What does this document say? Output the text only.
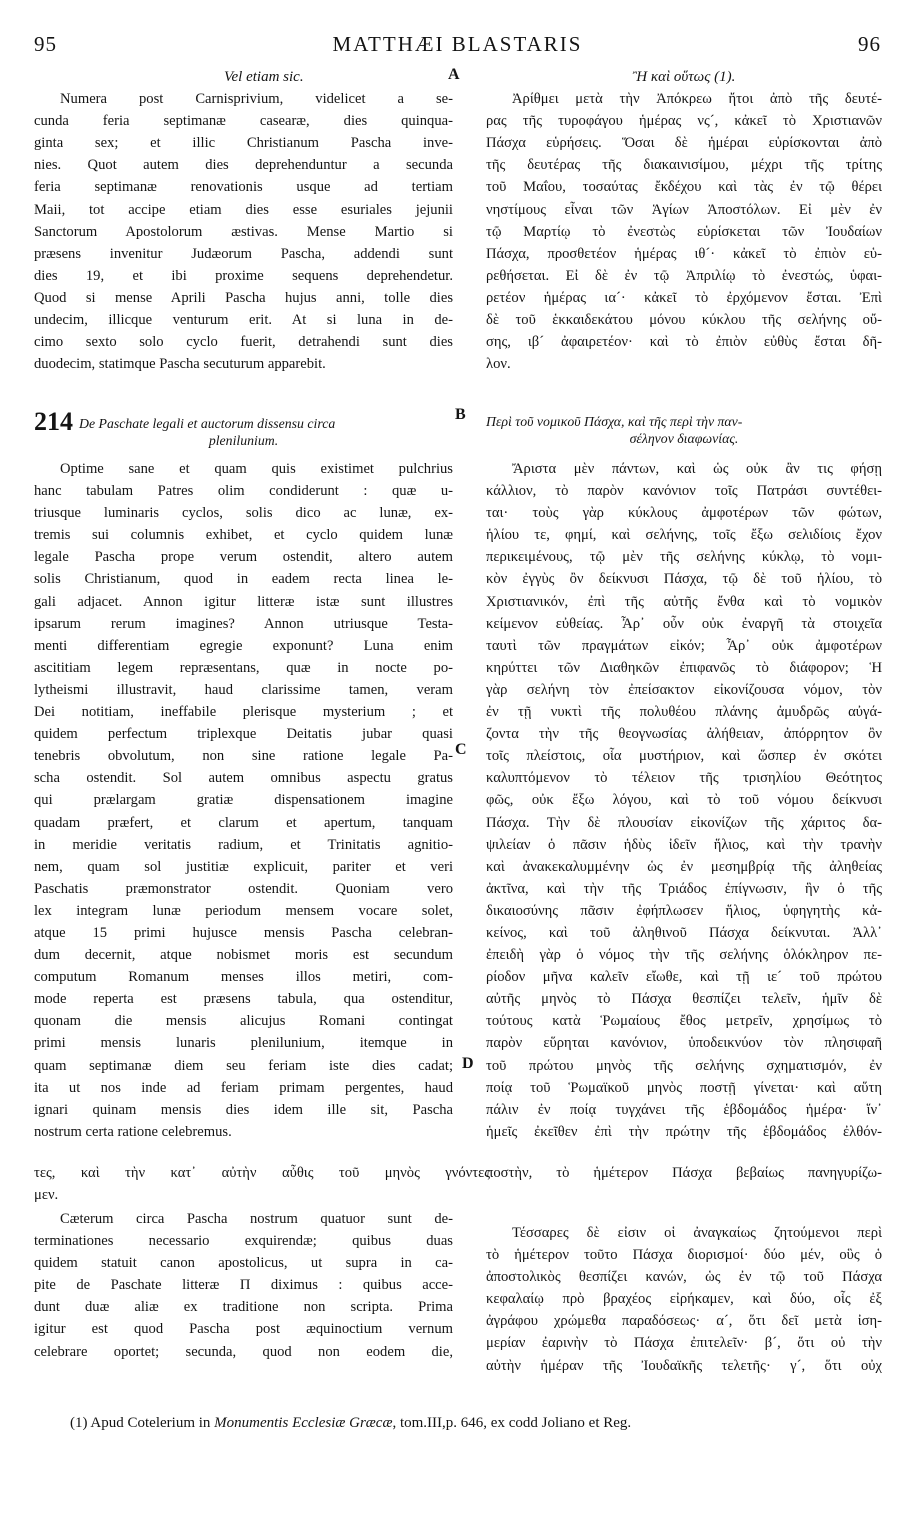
95	MATTHÆI BLASTARIS	96
Vel etiam sic.

Numera post Carnisprivium, videlicet a se-

cunda feria septimanæ casearæ, dies quinqua-

ginta sex; et illic Christianum Pascha inve-

nies. Quot autem dies deprehenduntur a secunda

feria septimanæ renovationis usque ad tertiam

Maii, tot accipe etiam dies esse esuriales jejunii

Sanctorum Apostolorum æstivas. Mense Martio si

præsens invenitur Judæorum Pascha, addendi sunt

dies 19, et ibi proxime sequens deprehendetur.

Quod si mense Aprili Pascha hujus anni, tolle dies

undecim, illicque venturum erit. At si luna in de-

cimo sexto solo cyclo fuerit, detrahendi sunt dies

duodecim, statimque Pascha secuturum apparebit.

214 De Paschate legali et auctorum dissensu circa
plenilunium.

Optime sane et quam quis existimet pulchrius

hanc tabulam Patres olim condiderunt : quæ u-

triusque luminaris cyclos, solis dico ac lunæ, ex-

tremis sui columnis exhibet, et cyclo quidem lunæ

legale Pascha prope verum ostendit, altero autem

solis Christianum, quod in eadem recta linea le-

gali adjacet. Annon igitur litteræ istæ sunt illustres

ipsarum rerum imagines? Annon utriusque Testa-

menti differentiam egregie exponunt? Luna enim

ascititiam legem repræsentans, quæ in nocte po-

lytheismi illustravit, haud clarissime tamen, veram

Dei notitiam, ineffabile plerisque mysterium ; et

quidem perfectum triplexque Deitatis jubar quasi

tenebris obvolutum, non sine ratione legale Pa-

scha ostendit. Sol autem omnibus aspectu gratus

qui prælargam gratiæ dispensationem imagine

quadam præfert, et clarum et apertum, tanquam

in meridie veritatis radium, et Trinitatis agnitio-

nem, quam sol justitiæ explicuit, pariter et veri

Paschatis præmonstrator ostendit. Quoniam vero

lex integram lunæ periodum mensem vocare solet,

atque 15 primi hujusce mensis Pascha celebran-

dum decernit, atque nobismet moris est secundum

computum Romanum menses illos metiri, com-

mode reperta est præsens tabula, qua ostenditur,

quonam die mensis alicujus Romani contingat

primi mensis lunaris plenilunium, itemque in

quam septimanæ diem seu feriam iste dies cadat;

ita ut nos inde ad feriam primam pergentes, haud

ignari quinam mensis dies idem ille sit, Pascha

nostrum certa ratione celebremus.

τες, καὶ τὴν κατ᾽ αὐτὴν αὖθις τοῦ μηνὸς γνόντες

ποστὴν, τὸ ἡμέτερον Πάσχα βεβαίως πανηγυρίζω-

μεν.

Cæterum circa Pascha nostrum quatuor sunt de-

terminationes necessario exquirendæ; quibus duas

quidem statuit canon apostolicus, ut supra in ca-

pite de Paschate litteræ Π diximus : quibus acce-

dunt duæ aliæ ex traditione non scripta. Prima

igitur est quod Pascha post æquinoctium vernum

celebrare oportet; secunda, quod non eodem die,

Ἢ καὶ οὕτως (1).

Ἀρίθμει μετὰ τὴν Ἀπόκρεω ἤτοι ἀπὸ τῆς δευτέ-

ρας τῆς τυροφάγου ἡμέρας νς´, κἀκεῖ τὸ Χριστιανῶν

Πάσχα εὑρήσεις. Ὅσαι δὲ ἡμέραι εὑρίσκονται ἀπὸ

τῆς δευτέρας τῆς διακαινισίμου, μέχρι τῆς τρίτης

τοῦ Μαΐου, τοσαύτας ἔκδέχου καὶ τὰς ἐν τῷ θέρει

νηστίμους εἶναι τῶν Ἁγίων Ἀποστόλων. Εἰ μὲν ἐν

τῷ Μαρτίῳ τὸ ἐνεστὼς εὑρίσκεται τῶν Ἰουδαίων

Πάσχα, προσθετέον ἡμέρας ιθ´· κἀκεῖ τὸ ἐπιὸν εὑ-

ρεθήσεται. Εἰ δὲ ἐν τῷ Ἀπριλίῳ τὸ ἐνεστώς, ὑφαι-

ρετέον ἡμέρας ια´· κἀκεῖ τὸ ἐρχόμενον ἔσται. Ἐπὶ

δὲ τοῦ ἑκκαιδεκάτου μόνου κύκλου τῆς σελήνης οὔ-

σης, ιβ´ ἀφαιρετέον· καὶ τὸ ἐπιὸν εὐθὺς ἔσται δῆ-

λον.

Περὶ τοῦ νομικοῦ Πάσχα, καὶ τῆς περὶ τὴν παν-
σέληνον διαφωνίας.

Ἄριστα μὲν πάντων, καὶ ὡς οὐκ ἂν τις φήσῃ

κάλλιον, τὸ παρὸν κανόνιον τοῖς Πατράσι συντέθει-

ται· τοὺς γὰρ κύκλους ἀμφοτέρων τῶν φώτων,

ἡλίου τε, φημί, καὶ σελήνης, τοῖς ἔξω σελιδίοις ἔχον

περικειμένους, τῷ μὲν τῆς σελήνης κύκλῳ, τὸ νομι-

κὸν ἐγγὺς ὂν δείκνυσι Πάσχα, τῷ δὲ τοῦ ἡλίου, τὸ

Χριστιανικόν, ἐπὶ τῆς αὐτῆς ἔνθα καὶ τὸ νομικὸν

κείμενον εὐθείας. Ἆρ᾽ οὖν οὐκ ἐναργῆ τὰ στοιχεῖα

ταυτὶ τῶν πραγμάτων εἰκόν; Ἆρ᾽ οὐκ ἀμφοτέρων

κηρύττει τῶν Διαθηκῶν ἐπιφανῶς τὸ διάφορον; Ἡ

γὰρ σελήνη τὸν ἐπείσακτον εἰκονίζουσα νόμον, τὸν

ἐν τῇ νυκτὶ τῆς πολυθέου πλάνης ἀμυδρῶς αὐγά-

ζοντα τὴν τῆς θεογνωσίας ἀλήθειαν, ἀπόρρητον ὂν

τοῖς πλείστοις, οἷα μυστήριον, καὶ ὥσπερ ἐν σκότει

καλυπτόμενον τὸ τέλειον τῆς τρισηλίου Θεότητος

φῶς, οὐκ ἔξω λόγου, καὶ τὸ τοῦ νόμου δείκνυσι

Πάσχα. Τὴν δὲ πλουσίαν εἰκονίζων τῆς χάριτος δα-

ψιλείαν ὁ πᾶσιν ἡδὺς ἰδεῖν ἥλιος, καὶ τὴν τρανὴν

καὶ ἀνακεκαλυμμένην ὡς ἐν μεσημβρίᾳ τῆς ἀληθείας

ἀκτῖνα, καὶ τὴν τῆς Τριάδος ἐπίγνωσιν, ἣν ὁ τῆς

δικαιοσύνης πᾶσιν ἐφήπλωσεν ἥλιος, ὑφηγητὴς κἀ-

κείνος, καὶ τοῦ ἀληθινοῦ Πάσχα δείκνυται. Ἀλλ᾽

ἐπειδὴ γὰρ ὁ νόμος τὴν τῆς σελήνης ὁλόκληρον πε-

ρίοδον μῆνα καλεῖν εἴωθε, καὶ τῇ ιε´ τοῦ πρώτου

αὐτῆς μηνὸς τὸ Πάσχα θεσπίζει τελεῖν, ἡμῖν δὲ

τούτους κατὰ Ῥωμαίους ἔθος μετρεῖν, χρησίμως τὸ

παρὸν εὕρηται κανόνιον, ὑποδεικνύον τὸν πλησιφαῆ

τοῦ πρώτου μηνὸς τῆς σελήνης σχηματισμόν, ἐν

ποίᾳ τοῦ Ῥωμαϊκοῦ μηνὸς ποστῇ γίνεται· καὶ αὕτη

πάλιν ἐν ποίᾳ τυγχάνει τῆς ἑβδομάδος ἡμέρα· ἵν᾽

ἡμεῖς ἐκεῖθεν ἐπὶ τὴν πρώτην τῆς ἑβδομάδος ἐλθόν-

Τέσσαρες δὲ εἰσιν οἱ ἀναγκαίως ζητούμενοι περὶ

τὸ ἡμέτερον τοῦτο Πάσχα διορισμοί· δύο μέν, οὓς ὁ

ἀποστολικὸς θεσπίζει κανών, ὡς ἐν τῷ τοῦ Πάσχα

κεφαλαίῳ πρὸ βραχέος εἰρήκαμεν, καὶ δύο, οἷς ἐξ

ἀγράφου χρώμεθα παραδόσεως· α´, ὅτι δεῖ μετὰ ἰση-

μερίαν ἐαρινὴν τὸ Πάσχα ἐπιτελεῖν· β´, ὅτι οὐ τὴν

αὐτὴν ἡμέραν τῆς Ἰουδαϊκῆς τελετῆς· γ´, ὅτι οὐχ

A
B
C
D
(1) Apud Cotelerium in Monumentis Ecclesiæ Græcæ, tom.III,p. 646, ex codd Joliano et Reg.
